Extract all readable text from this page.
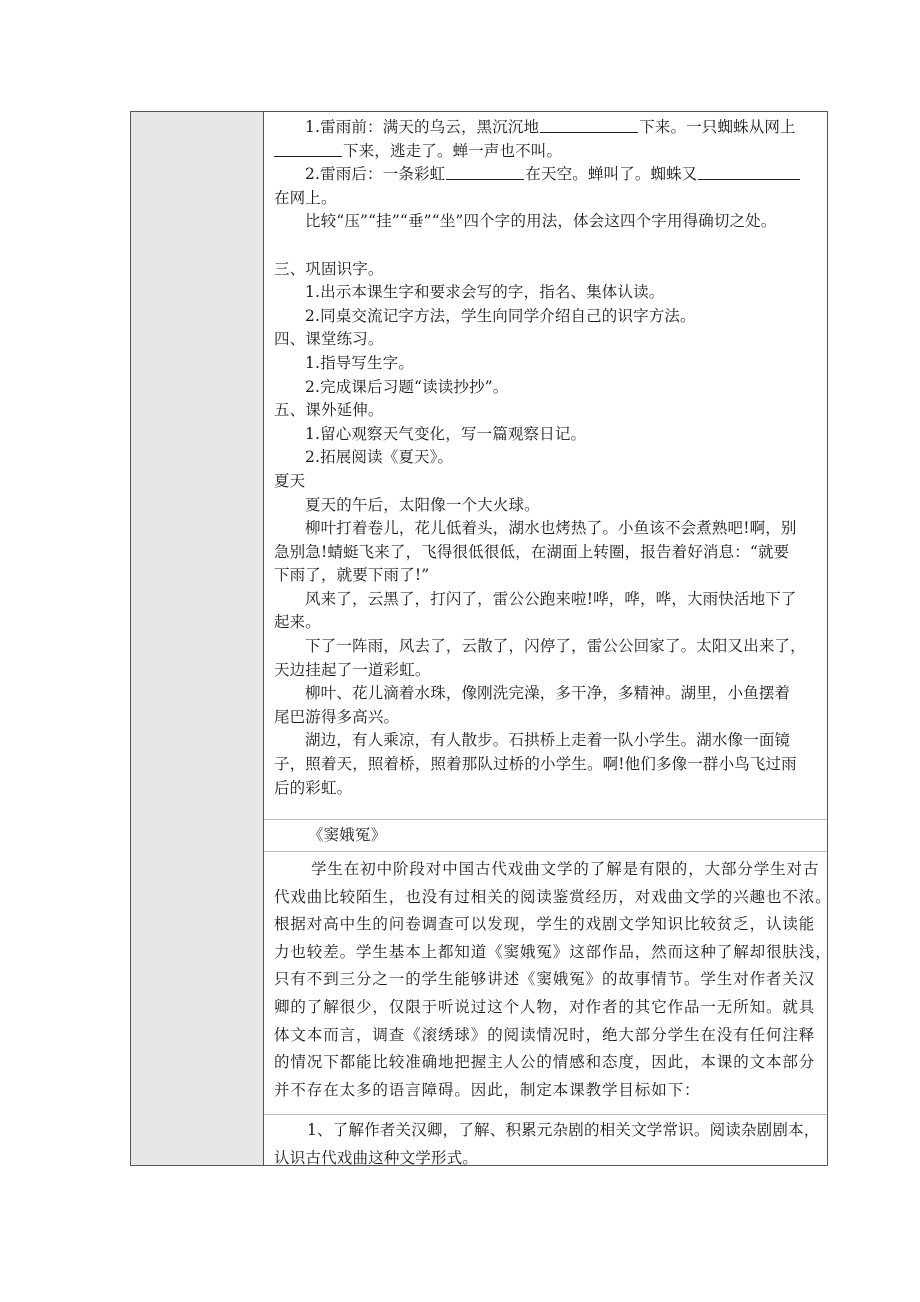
1.雷雨前：满天的乌云，黑沉沉地	下来。一只蜘蛛从网上
下来，逃走了。蝉一声也不叫。
2.雷雨后：一条彩虹	在天空。蝉叫了。蜘蛛又
在网上。
比较“压”“挂”“垂”“坐”四个字的用法，体会这四个字用得确切之处。
三、巩固识字。
1.出示本课生字和要求会写的字，指名、集体认读。
2.同桌交流记字方法，学生向同学介绍自己的识字方法。
四、课堂练习。
1.指导写生字。
2.完成课后习题“读读抄抄”。
五、课外延伸。
1.留心观察天气变化，写一篇观察日记。
2.拓展阅读《夏天》。
夏天
夏天的午后，太阳像一个大火球。
柳叶打着卷儿，花儿低着头，湖水也烤热了。小鱼该不会煮熟吧!啊，别
急别急!蜻蜓飞来了，飞得很低很低，在湖面上转圈，报告着好消息：“就要
下雨了，就要下雨了!”
风来了，云黑了，打闪了，雷公公跑来啦!哗，哗，哗，大雨快活地下了
起来。
下了一阵雨，风去了，云散了，闪停了，雷公公回家了。太阳又出来了，
天边挂起了一道彩虹。
柳叶、花儿滴着水珠，像刚洗完澡，多干净，多精神。湖里，小鱼摆着
尾巴游得多高兴。
湖边，有人乘凉，有人散步。石拱桥上走着一队小学生。湖水像一面镜
子，照着天，照着桥，照着那队过桥的小学生。啊!他们多像一群小鸟飞过雨
后的彩虹。
《窦娥冤》
学生在初中阶段对中国古代戏曲文学的了解是有限的，大部分学生对古
代戏曲比较陌生，也没有过相关的阅读鉴赏经历，对戏曲文学的兴趣也不浓。
根据对高中生的问卷调查可以发现，学生的戏剧文学知识比较贫乏，认读能
力也较差。学生基本上都知道《窦娥冤》这部作品，然而这种了解却很肤浅，
只有不到三分之一的学生能够讲述《窦娥冤》的故事情节。学生对作者关汉
卿的了解很少，仅限于听说过这个人物，对作者的其它作品一无所知。就具
体文本而言，调查《滚绣球》的阅读情况时，绝大部分学生在没有任何注释
的情况下都能比较准确地把握主人公的情感和态度，因此，本课的文本部分
并不存在太多的语言障碍。因此，制定本课教学目标如下：
1、了解作者关汉卿，了解、积累元杂剧的相关文学常识。阅读杂剧剧本，
认识古代戏曲这种文学形式。
